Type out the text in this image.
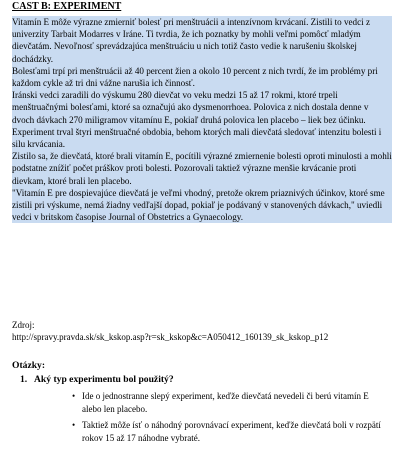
CAST B: EXPERIMENT

Vitamín E môže výrazne zmierniť bolesť pri menštruácii a intenzívnom krvácaní. Zistili to vedci z univerzity Tarbait Modarres v Iráne. Ti tvrdia, že ich poznatky by mohli veľmi pomôcť mladým dievčatám. Nevoľnosť sprevádzajúca menštruáciu u nich totiž často vedie k narušeniu školskej dochádzky.

Bolesťami trpí pri menštruácii až 40 percent žien a okolo 10 percent z nich tvrdí, že im problémy pri každom cykle až tri dni vážne narušia ich činnosť.

Iránski vedci zaradili do výskumu 280 dievčat vo veku medzi 15 až 17 rokmi, ktoré trpeli menštruačnými bolesťami, ktoré sa označujú ako dysmenorrhoea. Polovica z nich dostala denne v dvoch dávkach 270 miligramov vitamínu E, pokiaľ druhá polovica len placebo – liek bez účinku. Experiment trval štyri menštruačné obdobia, behom ktorých mali dievčatá sledovať intenzitu bolesti i silu krvácania.

Zistilo sa, že dievčatá, ktoré brali vitamín E, pocítili výrazné zmiernenie bolesti oproti minulosti a mohli podstatne znížiť počet práškov proti bolesti. Pozorovali taktiež výrazne menšie krvácanie proti dievkam, ktoré brali len placebo.

"Vitamín E pre dospievajúce dievčatá je veľmi vhodný, pretože okrem priaznivých účinkov, ktoré sme zistili pri výskume, nemá žiadny vedľajší dopad, pokiaľ je podávaný v stanovených dávkach," uviedli vedci v britskom časopise Journal of Obstetrics a Gynaecology.

Zdroj:

http://spravy.pravda.sk/sk_kskop.asp?r=sk_kskop&c=A050412_160139_sk_kskop_p12

Otázky:
1. Aký typ experimentu bol použitý?
• Ide o jednostranne slepý experiment, keďže dievčatá nevedeli či berú vitamín E alebo len placebo.
• Taktiež môže ísť o náhodný porovnávací experiment, keďže dievčatá boli v rozpätí rokov 15 až 17 náhodne vybraté.
